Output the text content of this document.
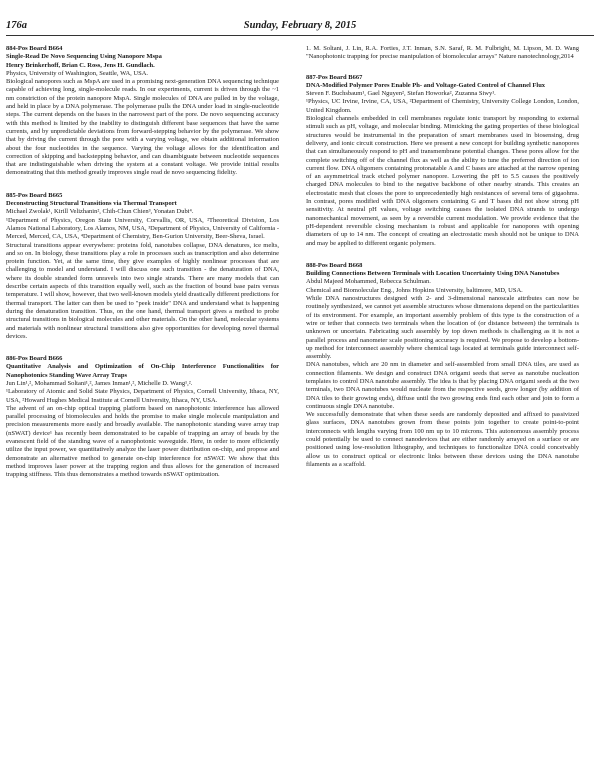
176a	Sunday, February 8, 2015
884-Pos Board B664
Single-Read De Novo Sequencing Using Nanopore Mspa
Henry Brinkerhoff, Brian C. Ross, Jens H. Gundlach.
Physics, University of Washington, Seattle, WA, USA.

Biological nanopores such as MspA are used in a promising next-generation DNA sequencing technique capable of achieving long, single-molecule reads. In our experiments, current is driven through the ~1 nm constriction of the protein nanopore MspA. Single molecules of DNA are pulled in by the voltage, and held in place by a DNA polymerase. The polymerase pulls the DNA under load in single-nucleotide steps. The current depends on the bases in the narrowest part of the pore. De novo sequencing accuracy with this method is limited by the inability to distinguish different base sequences that have the same currents, and by unpredictable deviations from forward-stepping behavior by the polymerase. We show that by driving the current through the pore with a varying voltage, we obtain additional information about the four nucleotides in the sequence. Varying the voltage allows for the identification and correction of skipping and backstepping behavior, and can disambiguate between nucleotide sequences that are indistinguishable when driving the system at a constant voltage. We provide initial results demonstrating that this method greatly improves single read de novo sequencing fidelity.

885-Pos Board B665
Deconstructing Structural Transitions via Thermal Transport
Michael Zwolak¹, Kirill Velizhanin², Chih-Chun Chien³, Yonatan Dubi⁴.
¹Department of Physics, Oregon State University, Corvallis, OR, USA, ²Theoretical Division, Los Alamos National Laboratory, Los Alamos, NM, USA, ³Department of Physics, University of California - Merced, Merced, CA, USA, ⁴Department of Chemistry, Ben-Gurion University, Beer-Sheva, Israel.

Structural transitions appear everywhere: proteins fold, nanotubes collapse, DNA denatures, ice melts, and so on. In biology, these transitions play a role in processes such as transcription and also determine protein function. Yet, at the same time, they give examples of highly nonlinear processes that are challenging to model and understand. I will discuss one such transition - the denaturation of DNA, where its double stranded form unravels into two single strands. There are many models that can describe certain aspects of this transition equally well, such as the fraction of bound base pairs versus temperature. I will show, however, that two well-known models yield drastically different predictions for thermal transport. The latter can then be used to "peek inside" DNA and understand what is happening during the denaturation transition. Thus, on the one hand, thermal transport gives a method to probe structural transitions in biological molecules and other materials. On the other hand, molecular systems and materials with nonlinear structural transitions also give opportunities for developing novel thermal devices.

886-Pos Board B666
Quantitative Analysis and Optimization of On-Chip Interference Functionalities for Nanophotonics Standing Wave Array Traps
Jun Lin¹,², Mohammad Soltani¹,², James Inman¹,², Michelle D. Wang¹,².
¹Laboratory of Atomic and Solid State Physics, Department of Physics, Cornell University, Ithaca, NY, USA, ²Howard Hughes Medical Institute at Cornell University, Ithaca, NY, USA.

The advent of an on-chip optical trapping platform based on nanophotonic interference has allowed parallel processing of biomolecules and holds the promise to make single molecule manipulation and precision measurements more easily and broadly available. The nanophotonic standing wave array trap (nSWAT) device¹ has recently been demonstrated to be capable of trapping an array of beads by the evanescent field of the standing wave of a nanophotonic waveguide. Here, in order to more efficiently utilize the input power, we quantitatively analyze the laser power distribution on-chip, and propose and demonstrate an alternative method to generate on-chip interference for nSWAT. We show that this method improves laser power at the trapping region and thus allows for the generation of increased trapping stiffness. This thus demonstrates a method towards nSWAT optimization.

1. M. Soltani, J. Lin, R.A. Forties, J.T. Inman, S.N. Saraf, R. M. Fulbright, M. Lipson, M. D. Wang "Nanophotonic trapping for precise manipulation of biomolecular arrays" Nature nanotechnology,2014

887-Pos Board B667
DNA-Modified Polymer Pores Enable Ph- and Voltage-Gated Control of Channel Flux
Steven F. Buchsbaum¹, Gael Nguyen², Stefan Howorka², Zuzanna Siwy¹.
¹Physics, UC Irvine, Irvine, CA, USA, ²Department of Chemistry, University College London, London, United Kingdom.

Biological channels embedded in cell membranes regulate ionic transport by responding to external stimuli such as pH, voltage, and molecular binding. Mimicking the gating properties of these biological structures would be instrumental in the preparation of smart membranes used in biosensing, drug delivery, and ionic circuit construction. Here we present a new concept for building synthetic nanopores that can simultaneously respond to pH and transmembrane potential changes. These pores allow for the complete switching off of the channel flux as well as the ability to tune the preferred direction of ion current flow. DNA oligomers containing protonatable A and C bases are attached at the narrow opening of an asymmetrical track etched polymer nanopore. Lowering the pH to 5.5 causes the positively charged DNA molecules to bind to the negative backbone of other nearby strands. This creates an electrostatic mesh that closes the pore to unprecedentedly high resistances of several tens of gigaohms. In contrast, pores modified with DNA oligomers containing G and T bases did not show strong pH sensitivity. At neutral pH values, voltage switching causes the isolated DNA strands to undergo nanomechanical movement, as seen by a reversible current modulation. We provide evidence that the pH-dependent reversible closing mechanism is robust and applicable for nanopores with opening diameters of up to 14 nm. The concept of creating an electrostatic mesh should not be unique to DNA and may be applied to different organic polymers.

888-Pos Board B668
Building Connections Between Terminals with Location Uncertainty Using DNA Nanotubes
Abdul Majeed Mohammed, Rebecca Schulman.
Chemical and Biomolecular Eng., Johns Hopkins University, baltimore, MD, USA.

While DNA nanostructures designed with 2- and 3-dimensional nanoscale attributes can now be routinely synthesized, we cannot yet assemble structures whose dimensions depend on the particularities of its environment. For example, an important assembly problem of this type is the construction of a wire or tether that connects two terminals when the location of (or distance between) the terminals is unknown or uncertain. Fabricating such assembly by top down methods is challenging as it is not a parallel process and nanometer scale positioning accuracy is required. We propose to develop a bottom-up method for interconnect assembly where chemical tags located at terminals guide interconnect self-assembly.

DNA nanotubes, which are 20 nm in diameter and self-assembled from small DNA tiles, are used as connection filaments. We design and construct DNA origami seeds that serve as nanotube nucleation templates to control DNA nanotube assembly. The idea is that by placing DNA origami seeds at the two terminals, two DNA nanotubes would nucleate from the respective seeds, grow longer (by addition of DNA tiles to their growing ends), diffuse until the two growing ends find each other and join to form a continuous single DNA nanotube.

We successfully demonstrate that when these seeds are randomly deposited and affixed to passivized glass surfaces, DNA nanotubes grown from these points join together to create point-to-point interconnects with lengths varying from 100 nm up to 10 microns. This autonomous assembly process could potentially be used to connect nanodevices that are either randomly arrayed on a surface or are positioned using low-resolution lithography, and techniques to functionalize DNA could conceivably allow us to construct optical or electronic links between these devices using the DNA nanotube filaments as a scaffold.
